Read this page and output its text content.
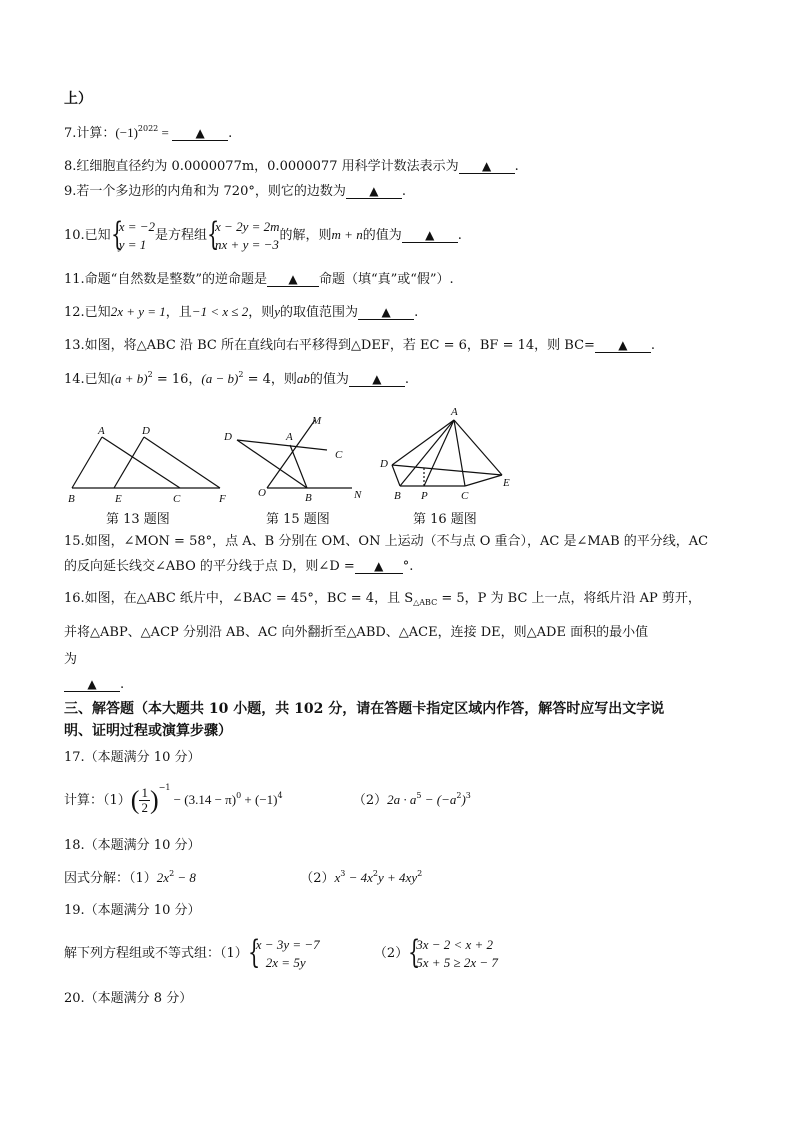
上）
7.计算：$(-1)^{2022}$ = ▲ .
8.红细胞直径约为 0.0000077m，0.0000077 用科学计数法表示为 ▲ .
9.若一个多边形的内角和为 720°，则它的边数为 ▲ .
10.已知 {
x = −2
y = 1
是方程组 {
x − 2y = 2m
nx + y = −3
的解，则m + n的值为 ▲ .
11.命题“自然数是整数”的逆命题是 ▲ 命题（填“真”或“假”）.
12.已知2x + y = 1，且−1 < x ≤ 2，则y的取值范围为 ▲ .
13.如图，将△ABC 沿 BC 所在直线向右平移得到△DEF，若 EC = 6，BF = 14，则 BC= ▲ .
14.已知$(a + b)^2 = 16$，$(a - b)^2 = 4$，则ab的值为 ▲ .
A	D
B	E	C	F
M
D	A
C
O	B	N
A
D
E
B P	C
第 13 题图	第 15 题图	第 16 题图
15.如图，∠MON = 58°，点 A、B 分别在 OM、ON 上运动（不与点 O 重合），AC 是∠MAB 的平分线，AC
的反向延长线交∠ABO 的平分线于点 D，则∠D = ▲ °.
16.如图，在△ABC 纸片中，∠BAC = 45°，BC = 4，且 $S_{\triangle ABC} = 5$，P 为 BC 上一点，将纸片沿 AP 剪开，
并将△ABP、△ACP 分别沿 AB、AC 向外翻折至△ABD、△ACE，连接 DE，则△ADE 面积的最小值
为
▲ .
三、解答题（本大题共 10 小题，共 102 分，请在答题卡指定区域内作答，解答时应写出文字说
明、证明过程或演算步骤）
17.（本题满分 10 分）
计算：$(1)( \frac{1}{2} )^{-1} - (3.14 - \pi)^0 + (-1)^4$	$(2)2a \cdot a^5 - (-a^2)^3$
18.（本题满分 10 分）
因式分解：$(1)2x^2 - 8$	$(2)x^3 - 4x^2y + 4xy^2$
19.（本题满分 10 分）
解下列方程组或不等式组：（1） {
x − 3y = −7
2x = 5y
（2） {
3x − 2 < x + 2
5x + 5 ≥ 2x − 7
20.（本题满分 8 分）
